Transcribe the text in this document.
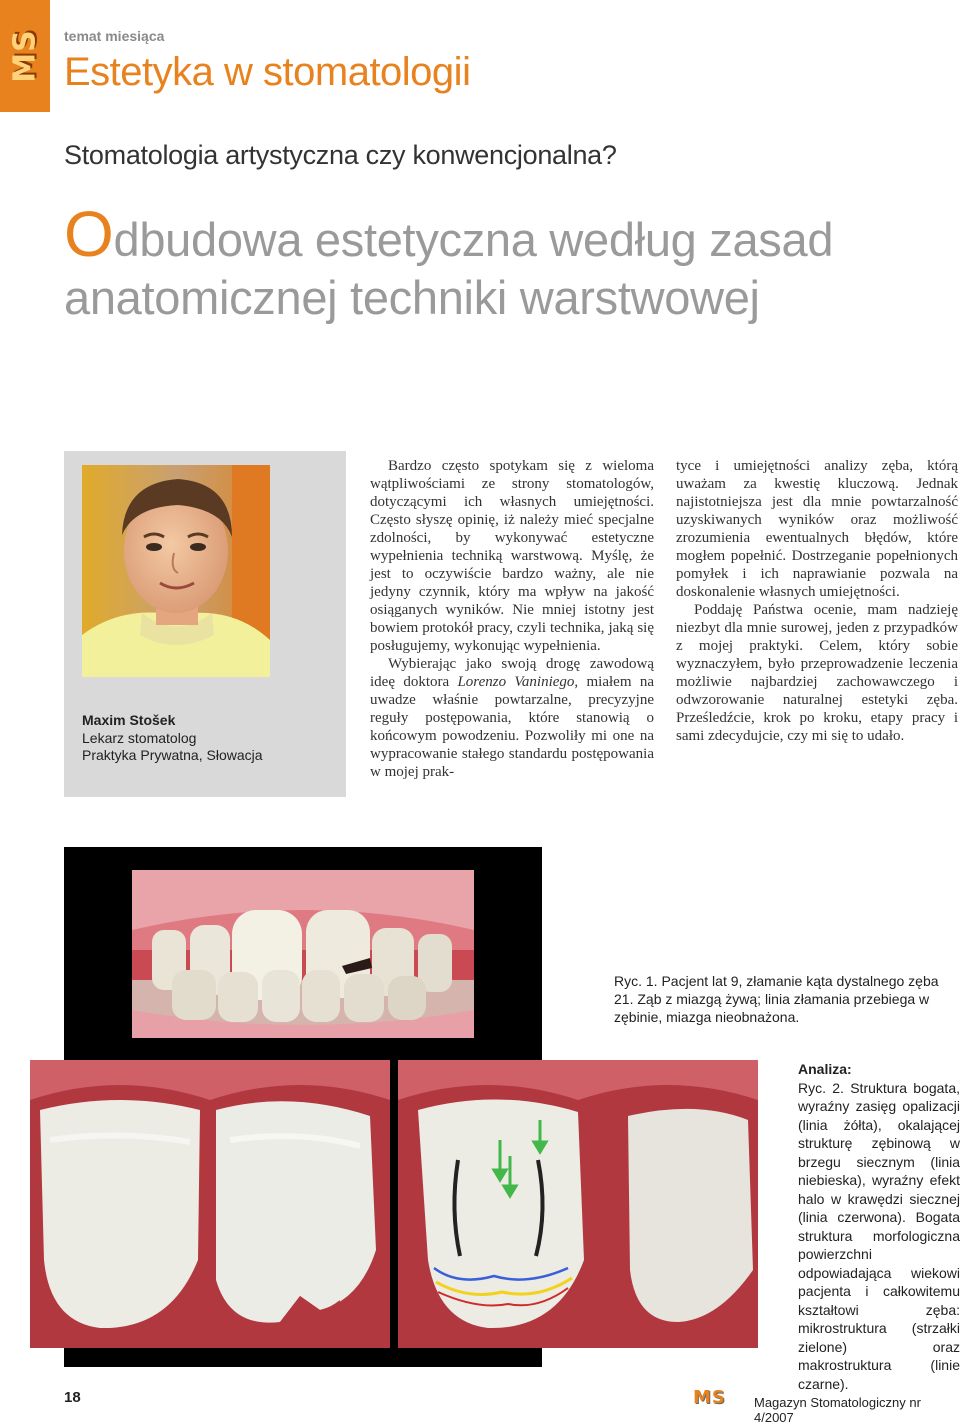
MS temat miesiąca
Estetyka w stomatologii
Stomatologia artystyczna czy konwencjonalna?
Odbudowa estetyczna według zasad anatomicznej techniki warstwowej
Maxim Stošek
Lekarz stomatolog
Praktyka Prywatna, Słowacja

Bardzo często spotykam się z wieloma wątpliwościami ze strony stomatologów, dotyczącymi ich własnych umiejętności. Często słyszę opinię, iż należy mieć specjalne zdolności, by wykonywać estetyczne wypełnienia techniką warstwową. Myślę, że jest to oczywiście bardzo ważny, ale nie jedyny czynnik, który ma wpływ na jakość osiąganych wyników. Nie mniej istotny jest bowiem protokół pracy, czyli technika, jaką się posługujemy, wykonując wypełnienia.

Wybierając jako swoją drogę zawodową ideę doktora Lorenzo Vaniniego, miałem na uwadze właśnie powtarzalne, precyzyjne reguły postępowania, które stanowią o końcowym powodzeniu. Pozwoliły mi one na wypracowanie stałego standardu postępowania w mojej prak-

tyce i umiejętności analizy zęba, którą uważam za kwestię kluczową. Jednak najistotniejsza jest dla mnie powtarzalność uzyskiwanych wyników oraz możliwość zrozumienia ewentualnych błędów, które mogłem popełnić. Dostrzeganie popełnionych pomyłek i ich naprawianie pozwala na doskonalenie własnych umiejętności.

Poddaję Państwa ocenie, mam nadzieję niezbyt dla mnie surowej, jeden z przypadków z mojej praktyki. Celem, który sobie wyznaczyłem, było przeprowadzenie leczenia możliwie najbardziej zachowawczego i odwzorowanie naturalnej estetyki zęba. Prześledźcie, krok po kroku, etapy pracy i sami zdecydujcie, czy mi się to udało.

Ryc. 1. Pacjent lat 9, złamanie kąta dystalnego zęba 21. Ząb z miazgą żywą; linia złamania przebiega w zębinie, miazga nieobnażona.
Analiza:
Ryc. 2. Struktura bogata, wyraźny zasięg opalizacji (linia żółta), okalającej strukturę zębinową w brzegu siecznym (linia niebieska), wyraźny efekt halo w krawędzi siecznej (linia czerwona). Bogata struktura morfologiczna powierzchni odpowiadająca wiekowi pacjenta i całkowitemu kształtowi zęba: mikrostruktura (strzałki zielone) oraz makrostruktura (linie czarne).
18	MS	Magazyn Stomatologiczny nr 4/2007
